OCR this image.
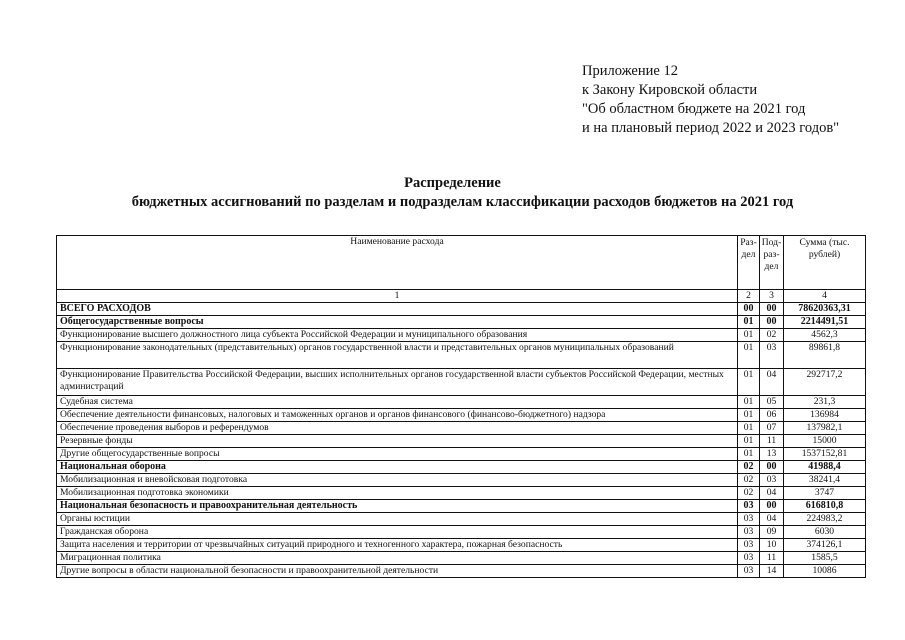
Приложение 12
к Закону Кировской области
"Об областном бюджете на 2021 год
и на плановый период 2022 и 2023 годов"
Распределение
бюджетных ассигнований по разделам и подразделам классификации расходов бюджетов на 2021 год
Наименование расхода	Раз-дел	Под-раз-дел	Сумма (тыс. рублей)
1	2	3	4
ВСЕГО РАСХОДОВ	00	00	78620363,31
Общегосударственные вопросы	01	00	2214491,51
Функционирование высшего должностного лица субъекта Российской Федерации и муниципального образования	01	02	4562,3
Функционирование законодательных (представительных) органов государственной власти и представительных органов муниципальных образований	01	03	89861,8
Функционирование Правительства Российской Федерации, высших исполнительных органов государственной власти субъектов Российской Федерации, местных администраций	01	04	292717,2
Судебная система	01	05	231,3
Обеспечение деятельности финансовых, налоговых и таможенных органов и органов финансового (финансово-бюджетного) надзора	01	06	136984
Обеспечение проведения выборов и референдумов	01	07	137982,1
Резервные фонды	01	11	15000
Другие общегосударственные вопросы	01	13	1537152,81
Национальная оборона	02	00	41988,4
Мобилизационная и вневойсковая подготовка	02	03	38241,4
Мобилизационная подготовка экономики	02	04	3747
Национальная безопасность и правоохранительная деятельность	03	00	616810,8
Органы юстиции	03	04	224983,2
Гражданская оборона	03	09	6030
Защита населения и территории от чрезвычайных ситуаций природного и техногенного характера, пожарная безопасность	03	10	374126,1
Миграционная политика	03	11	1585,5
Другие вопросы в области национальной безопасности и правоохранительной деятельности	03	14	10086
